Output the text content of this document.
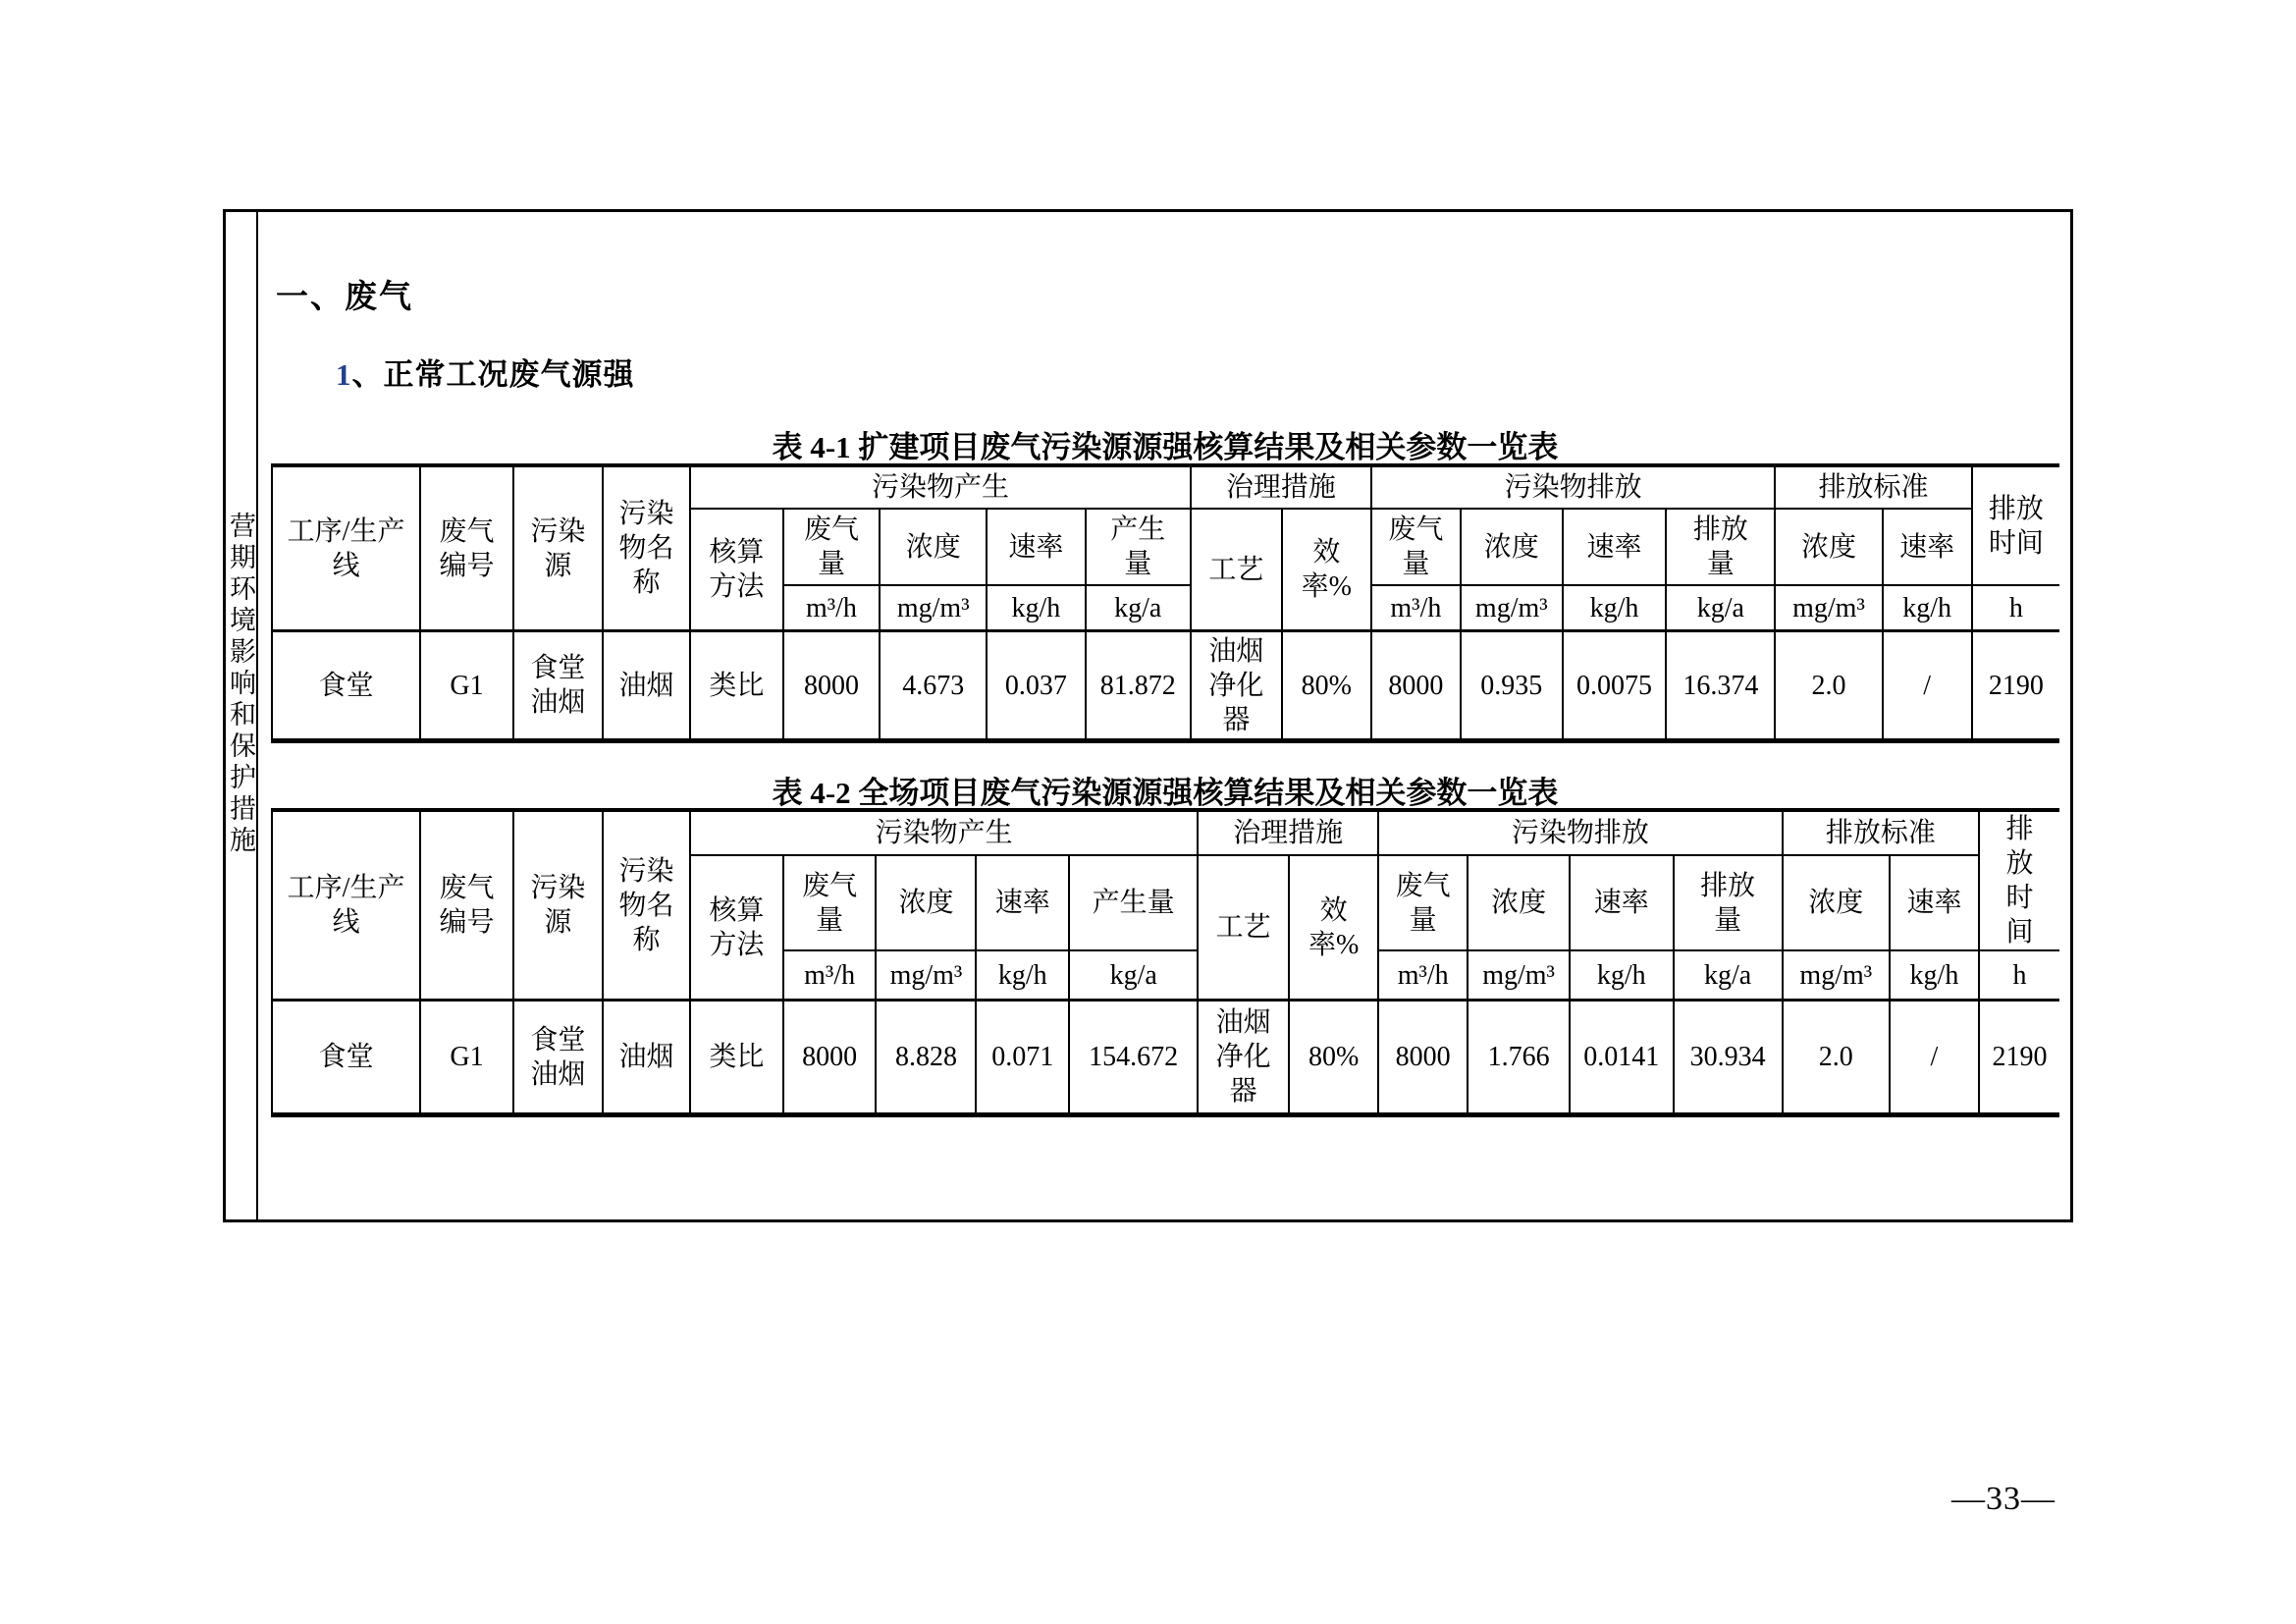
营期环境影响和保护措施
一、废气
1、正常工况废气源强
表 4-1 扩建项目废气污染源源强核算结果及相关参数一览表
工序/生产线	废气编号	污染源	污染物名称	污染物产生					治理措施		污染物排放				排放标准		排放时间
				核算方法	废气量	浓度	速率	产生量	工艺	效率%	废气量	浓度	速率	排放量	浓度	速率	
					m³/h	mg/m³	kg/h	kg/a			m³/h	mg/m³	kg/h	kg/a	mg/m³	kg/h	h
食堂	G1	食堂油烟	油烟	类比	8000	4.673	0.037	81.872	油烟净化器	80%	8000	0.935	0.0075	16.374	2.0	/	2190
表 4-2 全场项目废气污染源源强核算结果及相关参数一览表
工序/生产线	废气编号	污染源	污染物名称	污染物产生					治理措施		污染物排放				排放标准		排放时间
				核算方法	废气量	浓度	速率	产生量	工艺	效率%	废气量	浓度	速率	排放量	浓度	速率	
					m³/h	mg/m³	kg/h	kg/a			m³/h	mg/m³	kg/h	kg/a	mg/m³	kg/h	h
食堂	G1	食堂油烟	油烟	类比	8000	8.828	0.071	154.672	油烟净化器	80%	8000	1.766	0.0141	30.934	2.0	/	2190
—33—
